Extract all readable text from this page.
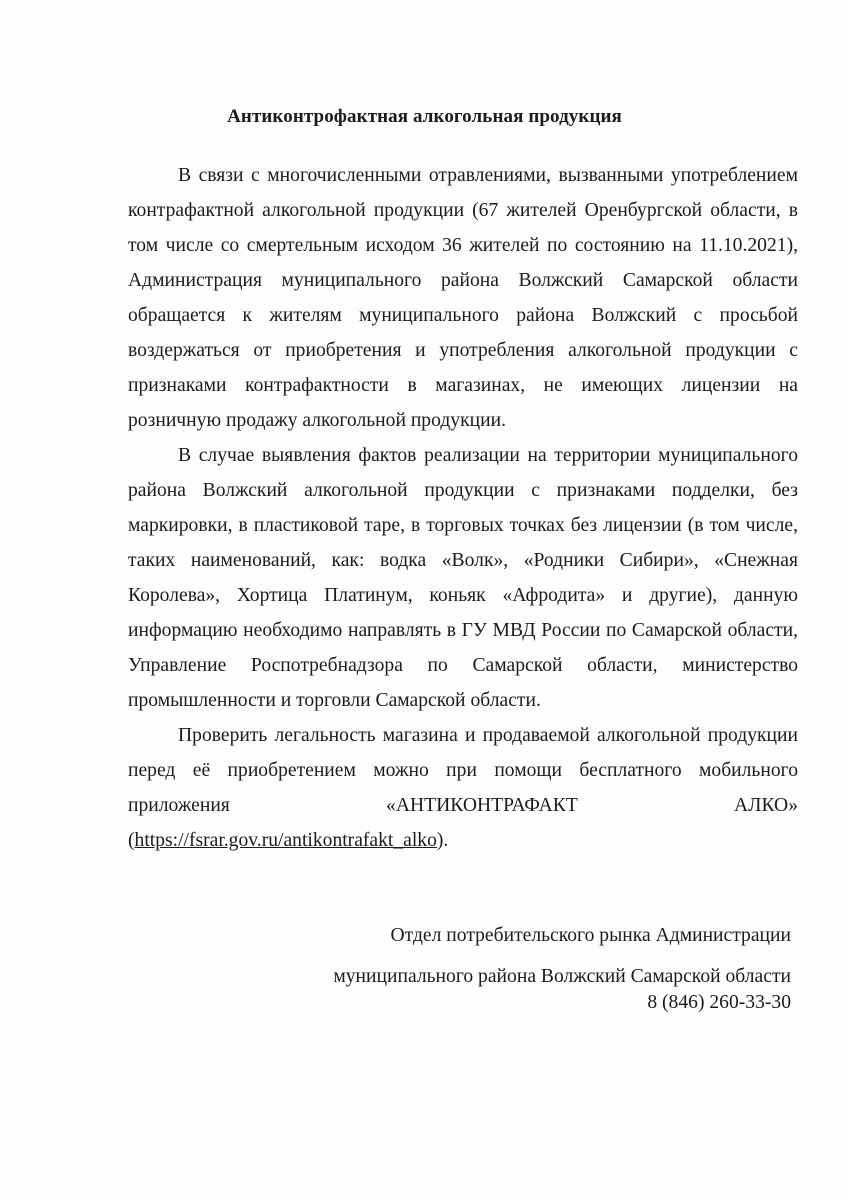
Антиконтрофактная алкогольная продукция

В связи с многочисленными отравлениями, вызванными употреблением контрафактной алкогольной продукции (67 жителей Оренбургской области, в том числе со смертельным исходом 36 жителей по состоянию на 11.10.2021), Администрация муниципального района Волжский Самарской области обращается к жителям муниципального района Волжский с просьбой воздержаться от приобретения и употребления алкогольной продукции с признаками контрафактности в магазинах, не имеющих лицензии на розничную продажу алкогольной продукции.

В случае выявления фактов реализации на территории муниципального района Волжский алкогольной продукции с признаками подделки, без маркировки, в пластиковой таре, в торговых точках без лицензии (в том числе, таких наименований, как: водка «Волк», «Родники Сибири», «Снежная Королева», Хортица Платинум, коньяк «Афродита» и другие), данную информацию необходимо направлять в ГУ МВД России по Самарской области, Управление Роспотребнадзора по Самарской области, министерство промышленности и торговли Самарской области.

Проверить легальность магазина и продаваемой алкогольной продукции перед её приобретением можно при помощи бесплатного мобильного приложения «АНТИКОНТРАФАКТ АЛКО» (https://fsrar.gov.ru/antikontrafakt_alko).

Отдел потребительского рынка Администрации
муниципального района Волжский Самарской области
8 (846) 260-33-30
